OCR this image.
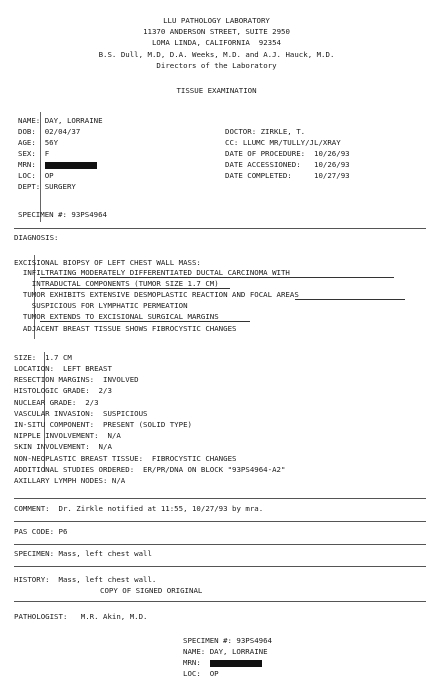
LLU PATHOLOGY LABORATORY
11370 ANDERSON STREET, SUITE 2950
LOMA LINDA, CALIFORNIA  92354
B.S. Dull, M.D, D.A. Weeks, M.D. and A.J. Hauck, M.D.
Directors of the Laboratory
TISSUE EXAMINATION
NAME: DAY, LORRAINE
DOB: 02/04/37
AGE: 56Y
SEX: F
MRN:
LOC: OP
DEPT: SURGERY
DOCTOR: ZIRKLE, T.
CC: LLUMC MR/TULLY/JL/XRAY
DATE OF PROCEDURE: 10/26/93
DATE ACCESSIONED: 10/26/93
DATE COMPLETED:	10/27/93
SPECIMEN #: 93PS4964
DIAGNOSIS:
EXCISIONAL BIOPSY OF LEFT CHEST WALL MASS:
INFILTRATING MODERATELY DIFFERENTIATED DUCTAL CARCINOMA WITH
INTRADUCTAL COMPONENTS (TUMOR SIZE 1.7 CM)
TUMOR EXHIBITS EXTENSIVE DESMOPLASTIC REACTION AND FOCAL AREAS
SUSPICIOUS FOR LYMPHATIC PERMEATION
TUMOR EXTENDS TO EXCISIONAL SURGICAL MARGINS
ADJACENT BREAST TISSUE SHOWS FIBROCYSTIC CHANGES
SIZE:  1.7 CM
LOCATION:  LEFT BREAST
RESECTION MARGINS:  INVOLVED
HISTOLOGIC GRADE:  2/3
NUCLEAR GRADE:  2/3
VASCULAR INVASION:  SUSPICIOUS
IN-SITU COMPONENT:  PRESENT (SOLID TYPE)
NIPPLE INVOLVEMENT:  N/A
SKIN INVOLVEMENT:  N/A
NON-NEOPLASTIC BREAST TISSUE:  FIBROCYSTIC CHANGES
ADDITIONAL STUDIES ORDERED:  ER/PR/DNA ON BLOCK "93PS4964-A2"
AXILLARY LYMPH NODES: N/A
COMMENT:  Dr. Zirkle notified at 11:55, 10/27/93 by mra.
PAS CODE: P6
SPECIMEN: Mass, left chest wall
HISTORY:  Mass, left chest wall.
COPY OF SIGNED ORIGINAL
PATHOLOGIST:   M.R. Akin, M.D.
SPECIMEN #: 93PS4964
NAME: DAY, LORRAINE
MRN:
LOC:  OP
